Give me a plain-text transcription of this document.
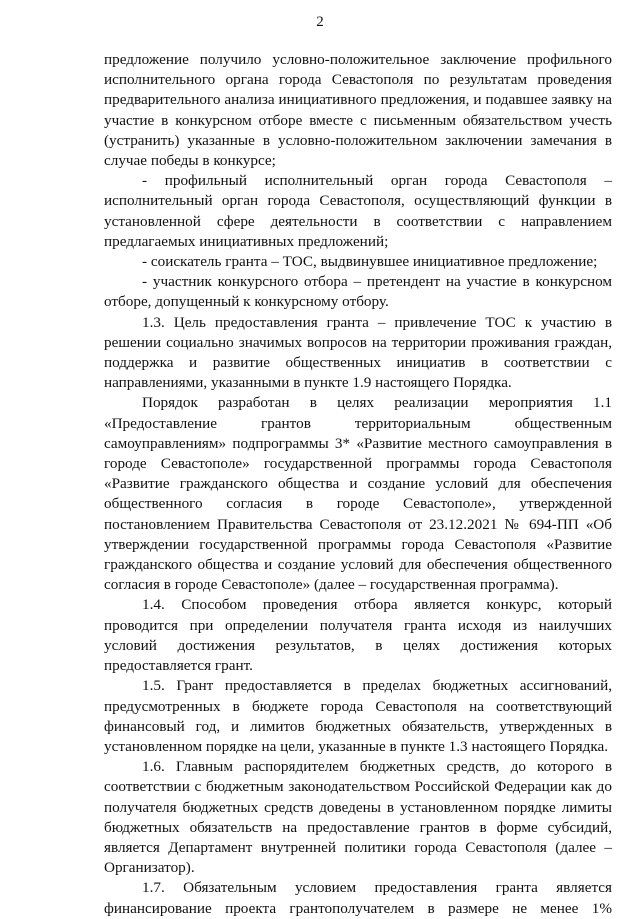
2

предложение получило условно-положительное заключение профильного исполнительного органа города Севастополя по результатам проведения предварительного анализа инициативного предложения, и подавшее заявку на участие в конкурсном отборе вместе с письменным обязательством учесть (устранить) указанные в условно-положительном заключении замечания в случае победы в конкурсе;

- профильный исполнительный орган города Севастополя – исполнительный орган города Севастополя, осуществляющий функции в установленной сфере деятельности в соответствии с направлением предлагаемых инициативных предложений;

- соискатель гранта – ТОС, выдвинувшее инициативное предложение;

- участник конкурсного отбора – претендент на участие в конкурсном отборе, допущенный к конкурсному отбору.

1.3. Цель предоставления гранта – привлечение ТОС к участию в решении социально значимых вопросов на территории проживания граждан, поддержка и развитие общественных инициатив в соответствии с направлениями, указанными в пункте 1.9 настоящего Порядка.

Порядок разработан в целях реализации мероприятия 1.1 «Предоставление грантов территориальным общественным самоуправлениям» подпрограммы 3* «Развитие местного самоуправления в городе Севастополе» государственной программы города Севастополя «Развитие гражданского общества и создание условий для обеспечения общественного согласия в городе Севастополе», утвержденной постановлением Правительства Севастополя от 23.12.2021 № 694-ПП «Об утверждении государственной программы города Севастополя «Развитие гражданского общества и создание условий для обеспечения общественного согласия в городе Севастополе» (далее – государственная программа).

1.4. Способом проведения отбора является конкурс, который проводится при определении получателя гранта исходя из наилучших условий достижения результатов, в целях достижения которых предоставляется грант.

1.5. Грант предоставляется в пределах бюджетных ассигнований, предусмотренных в бюджете города Севастополя на соответствующий финансовый год, и лимитов бюджетных обязательств, утвержденных в установленном порядке на цели, указанные в пункте 1.3 настоящего Порядка.

1.6. Главным распорядителем бюджетных средств, до которого в соответствии с бюджетным законодательством Российской Федерации как до получателя бюджетных средств доведены в установленном порядке лимиты бюджетных обязательств на предоставление грантов в форме субсидий, является Департамент внутренней политики города Севастополя (далее – Организатор).

1.7. Обязательным условием предоставления гранта является финансирование проекта грантополучателем в размере не менее 1%
